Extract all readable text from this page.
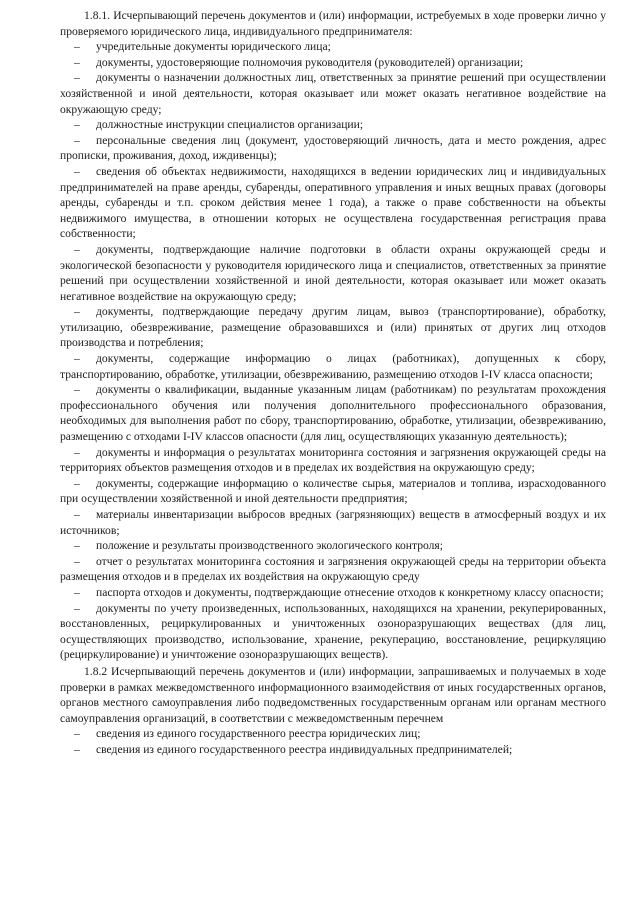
1.8.1. Исчерпывающий перечень документов и (или) информации, истребуемых в ходе проверки лично у проверяемого юридического лица, индивидуального предпринимателя:

– учредительные документы юридического лица;

– документы, удостоверяющие полномочия руководителя (руководителей) организации;

– документы о назначении должностных лиц, ответственных за принятие решений при осуществлении хозяйственной и иной деятельности, которая оказывает или может оказать негативное воздействие на окружающую среду;

– должностные инструкции специалистов организации;

– персональные сведения лиц (документ, удостоверяющий личность, дата и место рождения, адрес прописки, проживания, доход, иждивенцы);

– сведения об объектах недвижимости, находящихся в ведении юридических лиц и индивидуальных предпринимателей на праве аренды, субаренды, оперативного управления и иных вещных правах (договоры аренды, субаренды и т.п. сроком действия менее 1 года), а также о праве собственности на объекты недвижимого имущества, в отношении которых не осуществлена государственная регистрация права собственности;

– документы, подтверждающие наличие подготовки в области охраны окружающей среды и экологической безопасности у руководителя юридического лица и специалистов, ответственных за принятие решений при осуществлении хозяйственной и иной деятельности, которая оказывает или может оказать негативное воздействие на окружающую среду;

– документы, подтверждающие передачу другим лицам, вывоз (транспортирование), обработку, утилизацию, обезвреживание, размещение образовавшихся и (или) принятых от других лиц отходов производства и потребления;

– документы, содержащие информацию о лицах (работниках), допущенных к сбору, транспортированию, обработке, утилизации, обезвреживанию, размещению отходов I-IV класса опасности;

– документы о квалификации, выданные указанным лицам (работникам) по результатам прохождения профессионального обучения или получения дополнительного профессионального образования, необходимых для выполнения работ по сбору, транспортированию, обработке, утилизации, обезвреживанию, размещению с отходами I-IV классов опасности (для лиц, осуществляющих указанную деятельность);

– документы и информация о результатах мониторинга состояния и загрязнения окружающей среды на территориях объектов размещения отходов и в пределах их воздействия на окружающую среду;

– документы, содержащие информацию о количестве сырья, материалов и топлива, израсходованного при осуществлении хозяйственной и иной деятельности предприятия;

– материалы инвентаризации выбросов вредных (загрязняющих) веществ в атмосферный воздух и их источников;

– положение и результаты производственного экологического контроля;

– отчет о результатах мониторинга состояния и загрязнения окружающей среды на территории объекта размещения отходов и в пределах их воздействия на окружающую среду

– паспорта отходов и документы, подтверждающие отнесение отходов к конкретному классу опасности;

– документы по учету произведенных, использованных, находящихся на хранении, рекуперированных, восстановленных, рециркулированных и уничтоженных озоноразрушающих веществах (для лиц, осуществляющих производство, использование, хранение, рекуперацию, восстановление, рециркуляцию (рециркулирование) и уничтожение озоноразрушающих веществ).

1.8.2 Исчерпывающий перечень документов и (или) информации, запрашиваемых и получаемых в ходе проверки в рамках межведомственного информационного взаимодействия от иных государственных органов, органов местного самоуправления либо подведомственных государственным органам или органам местного самоуправления организаций, в соответствии с межведомственным перечнем

– сведения из единого государственного реестра юридических лиц;

– сведения из единого государственного реестра индивидуальных предпринимателей;
